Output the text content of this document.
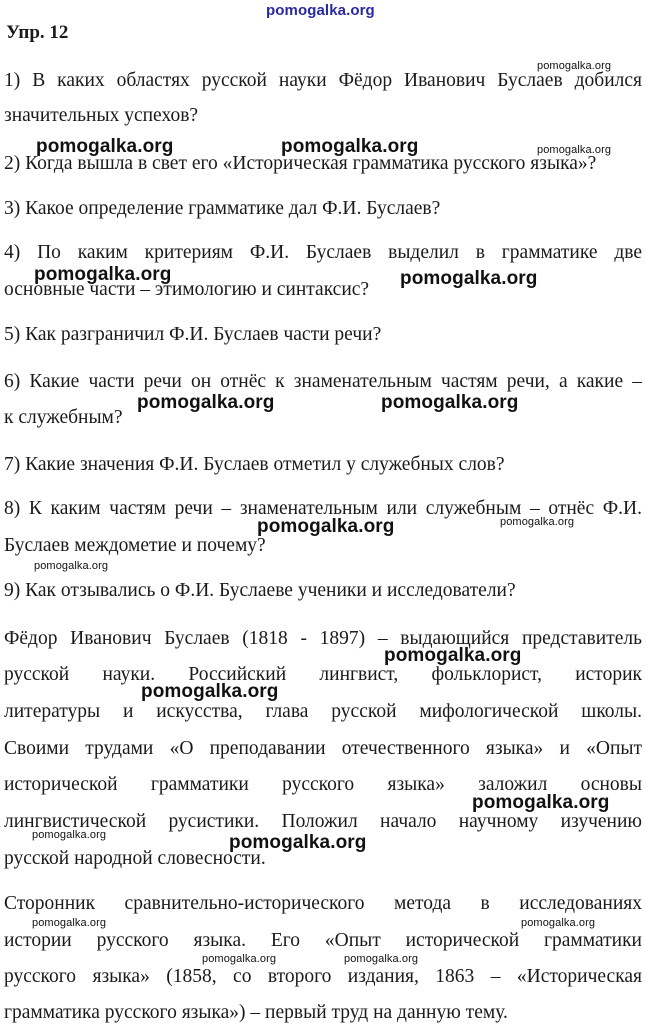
pomogalka.org
Упр. 12
1) В каких областях русской науки Фёдор Иванович Буслаев добился
значительных успехов?
2) Когда вышла в свет его «Историческая грамматика русского языка»?
3) Какое определение грамматике дал Ф.И. Буслаев?
4) По каким критериям Ф.И. Буслаев выделил в грамматике две
основные части – этимологию и синтаксис?
5) Как разграничил Ф.И. Буслаев части речи?
6) Какие части речи он отнёс к знаменательным частям речи, а какие –
к служебным?
7) Какие значения Ф.И. Буслаев отметил у служебных слов?
8) К каким частям речи – знаменательным или служебным – отнёс Ф.И.
Буслаев междометие и почему?
9) Как отзывались о Ф.И. Буслаеве ученики и исследователи?
Фёдор Иванович Буслаев (1818 - 1897) – выдающийся представитель
русской науки. Российский лингвист, фольклорист, историк
литературы и искусства, глава русской мифологической школы.
Своими трудами «О преподавании отечественного языка» и «Опыт
исторической грамматики русского языка» заложил основы
лингвистической русистики. Положил начало научному изучению
русской народной словесности.
Сторонник сравнительно-исторического метода в исследованиях
истории русского языка. Его «Опыт исторической грамматики
русского языка» (1858, со второго издания, 1863 – «Историческая
грамматика русского языка») – первый труд на данную тему.
pomogalka.org
pomogalka.org	pomogalka.org	pomogalka.org
pomogalka.org	pomogalka.org
pomogalka.org	pomogalka.org
pomogalka.org	pomogalka.org
pomogalka.org
pomogalka.org
pomogalka.org
pomogalka.org
pomogalka.org	pomogalka.org
pomogalka.org	pomogalka.org
pomogalka.org	pomogalka.org
